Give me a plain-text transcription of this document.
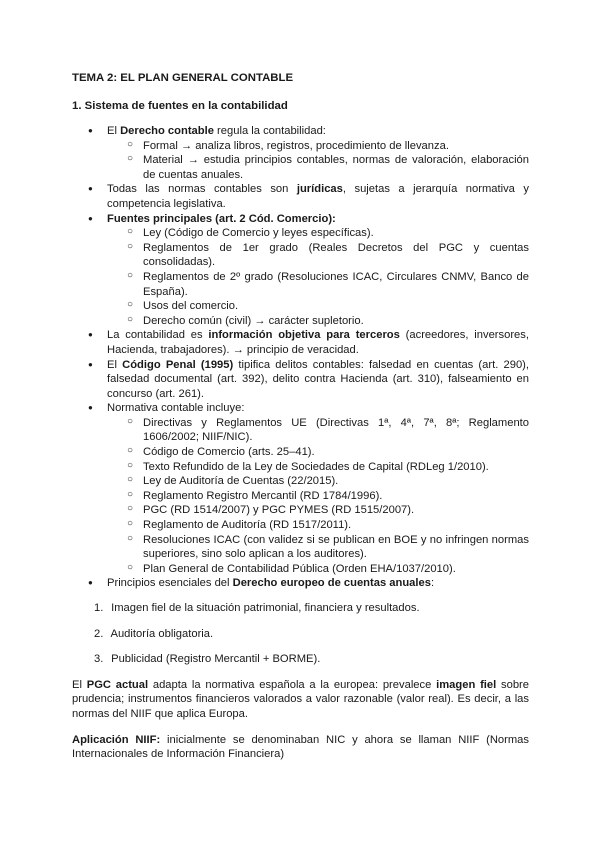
TEMA 2: EL PLAN GENERAL CONTABLE
1. Sistema de fuentes en la contabilidad
● El Derecho contable regula la contabilidad:
○ Formal → analiza libros, registros, procedimiento de llevanza.
○ Material → estudia principios contables, normas de valoración, elaboración de cuentas anuales.
● Todas las normas contables son jurídicas, sujetas a jerarquía normativa y competencia legislativa.
● Fuentes principales (art. 2 Cód. Comercio):
○ Ley (Código de Comercio y leyes específicas).
○ Reglamentos de 1er grado (Reales Decretos del PGC y cuentas consolidadas).
○ Reglamentos de 2º grado (Resoluciones ICAC, Circulares CNMV, Banco de España).
○ Usos del comercio.
○ Derecho común (civil) → carácter supletorio.
● La contabilidad es información objetiva para terceros (acreedores, inversores, Hacienda, trabajadores). → principio de veracidad.
● El Código Penal (1995) tipifica delitos contables: falsedad en cuentas (art. 290), falsedad documental (art. 392), delito contra Hacienda (art. 310), falseamiento en concurso (art. 261).
● Normativa contable incluye:
○ Directivas y Reglamentos UE (Directivas 1ª, 4ª, 7ª, 8ª; Reglamento 1606/2002; NIIF/NIC).
○ Código de Comercio (arts. 25–41).
○ Texto Refundido de la Ley de Sociedades de Capital (RDLeg 1/2010).
○ Ley de Auditoría de Cuentas (22/2015).
○ Reglamento Registro Mercantil (RD 1784/1996).
○ PGC (RD 1514/2007) y PGC PYMES (RD 1515/2007).
○ Reglamento de Auditoría (RD 1517/2011).
○ Resoluciones ICAC (con validez si se publican en BOE y no infringen normas superiores, sino solo aplican a los auditores).
○ Plan General de Contabilidad Pública (Orden EHA/1037/2010).
● Principios esenciales del Derecho europeo de cuentas anuales:
1. Imagen fiel de la situación patrimonial, financiera y resultados.
2. Auditoría obligatoria.
3. Publicidad (Registro Mercantil + BORME).

El PGC actual adapta la normativa española a la europea: prevalece imagen fiel sobre prudencia; instrumentos financieros valorados a valor razonable (valor real). Es decir, a las normas del NIIF que aplica Europa.

Aplicación NIIF: inicialmente se denominaban NIC y ahora se llaman NIIF (Normas Internacionales de Información Financiera)
